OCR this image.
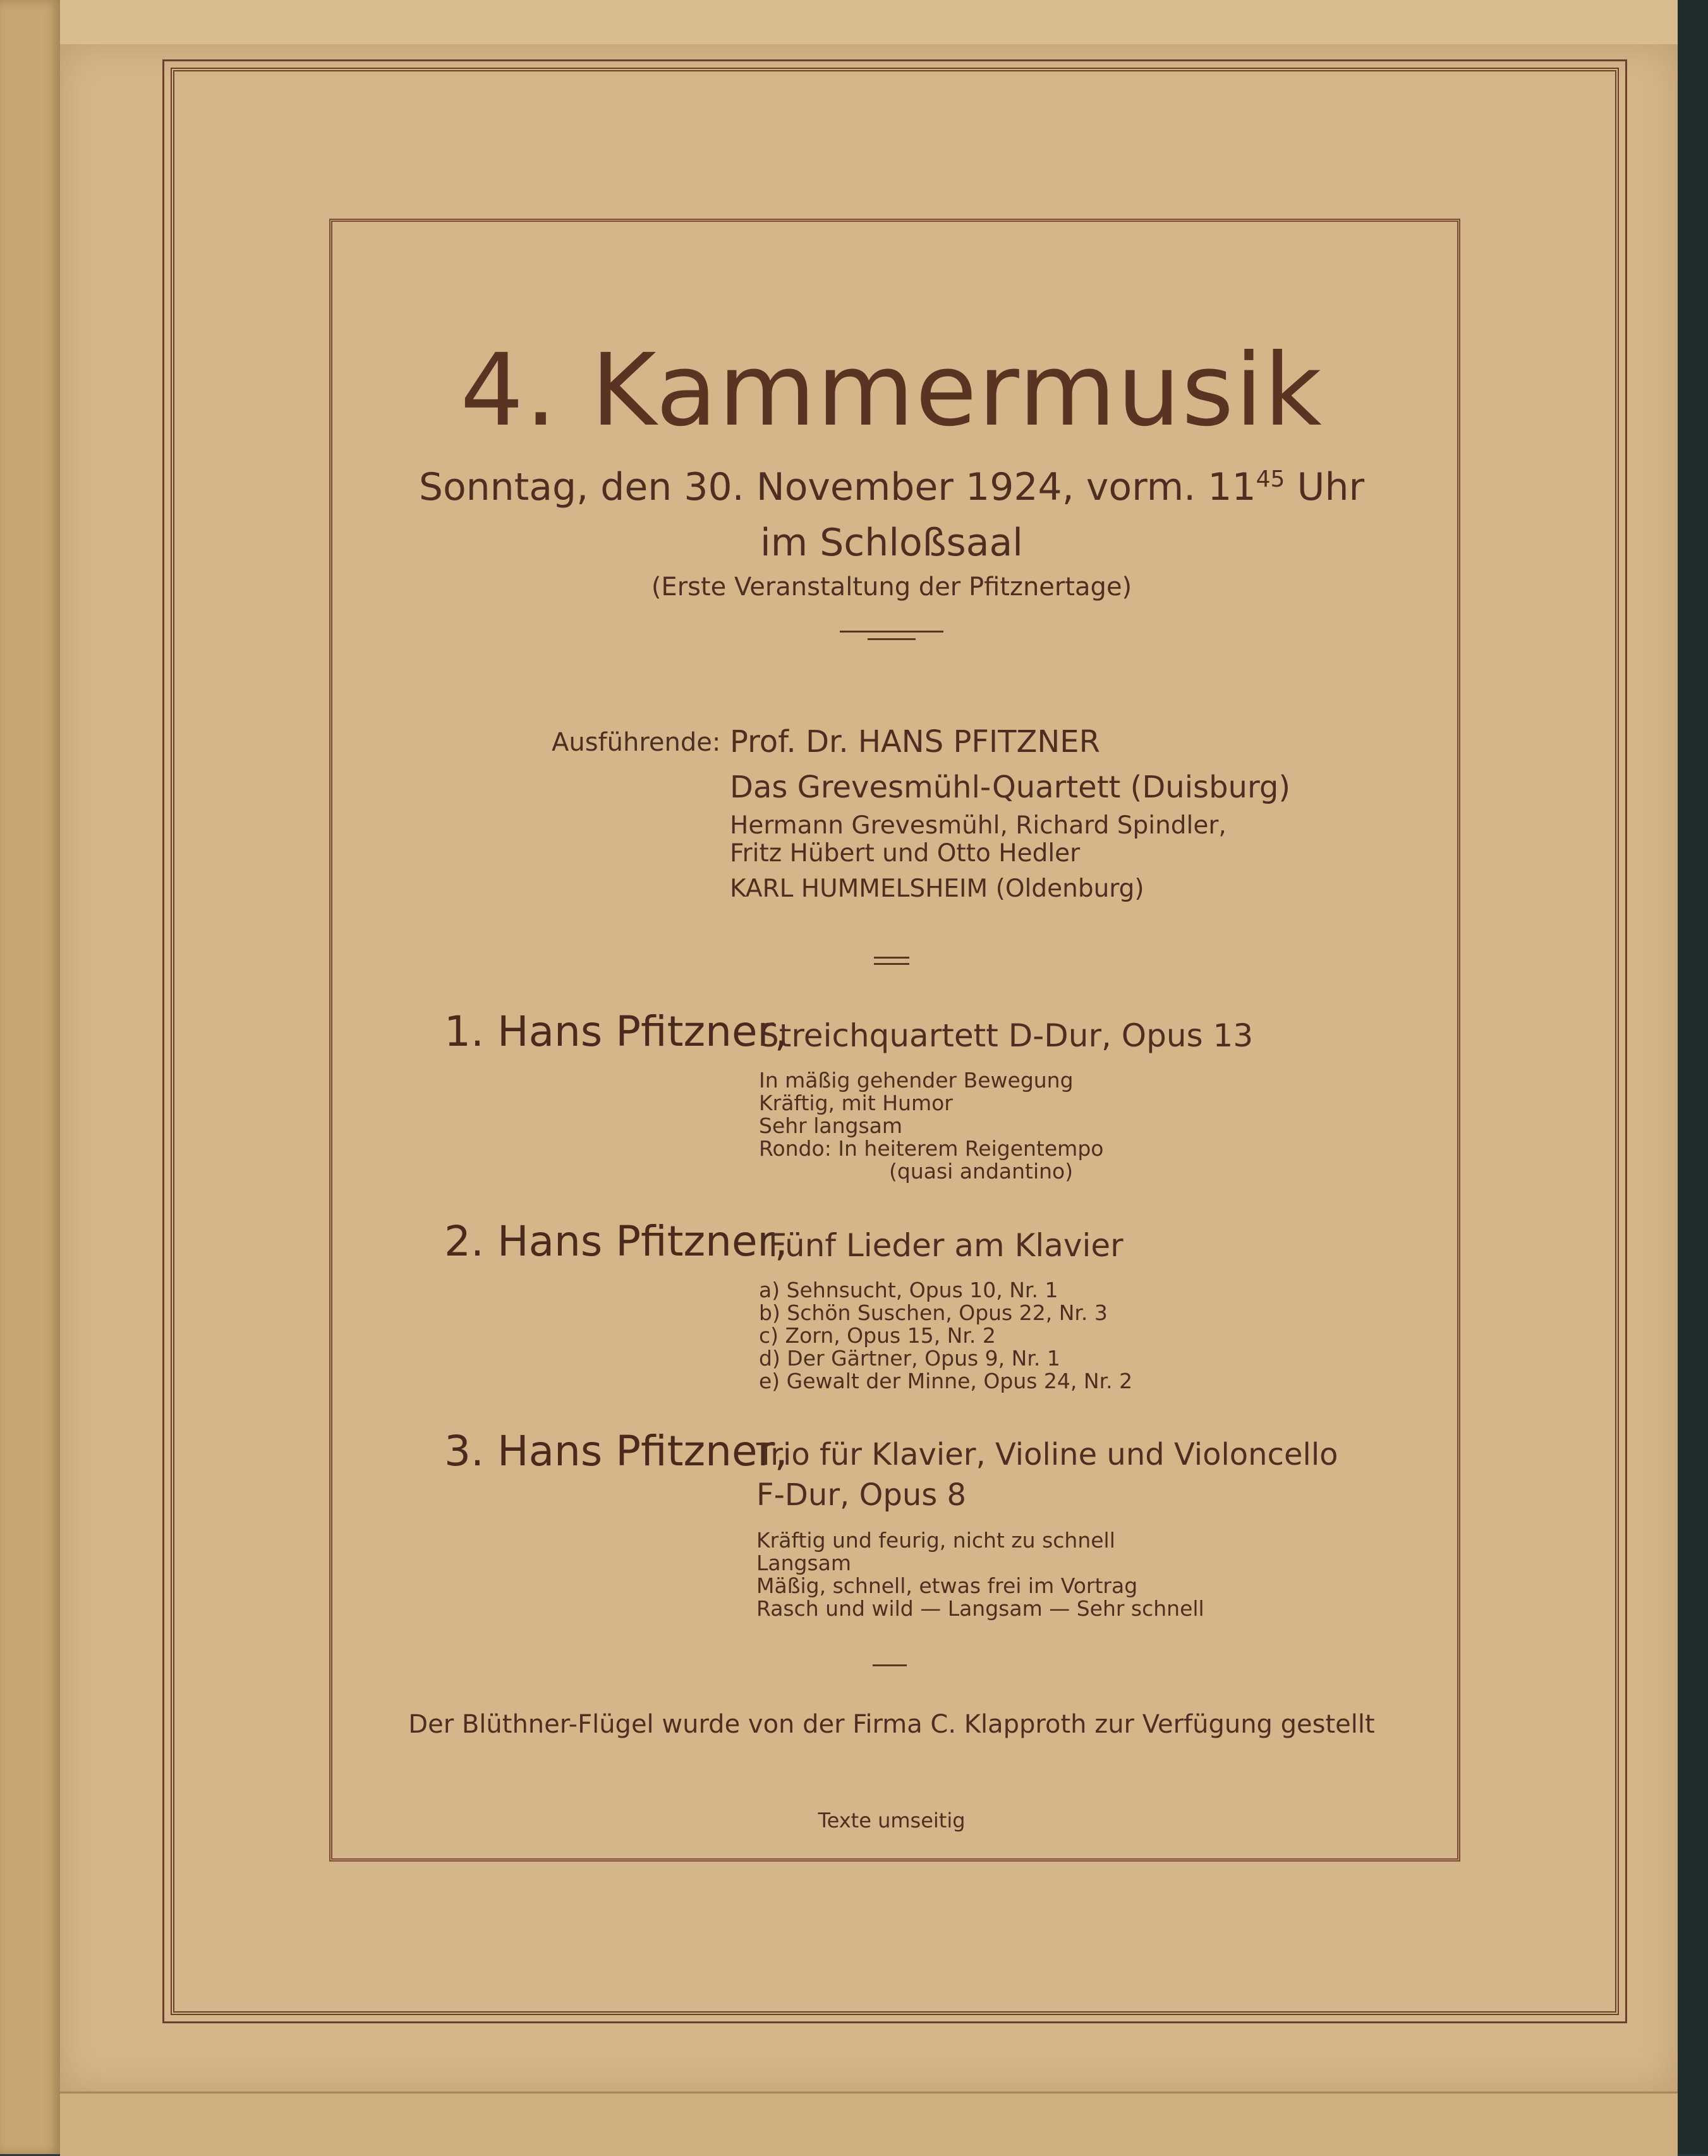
4. Kammermusik
Sonntag, den 30. November 1924, vorm. $11^{45}$ Uhr
im Schloßsaal
(Erste Veranstaltung der Pfitznertage)
Ausführende: Prof. Dr. HANS PFITZNER
Das Grevesmühl-Quartett (Duisburg)
Hermann Grevesmühl, Richard Spindler,
Fritz Hübert und Otto Hedler
KARL HUMMELSHEIM (Oldenburg)
1. Hans Pfitzner,
Streichquartett D-Dur, Opus 13
In mäßig gehender Bewegung
Kräftig, mit Humor
Sehr langsam
Rondo: In heiterem Reigentempo
(quasi andantino)
2. Hans Pfitzner,
Fünf Lieder am Klavier
a) Sehnsucht, Opus 10, Nr. 1
b) Schön Suschen, Opus 22, Nr. 3
c) Zorn, Opus 15, Nr. 2
d) Der Gärtner, Opus 9, Nr. 1
e) Gewalt der Minne, Opus 24, Nr. 2
3. Hans Pfitzner,
Trio für Klavier, Violine und Violoncello
F-Dur, Opus 8
Kräftig und feurig, nicht zu schnell
Langsam
Mäßig, schnell, etwas frei im Vortrag
Rasch und wild — Langsam — Sehr schnell
Der Blüthner-Flügel wurde von der Firma C. Klapproth zur Verfügung gestellt
Texte umseitig
